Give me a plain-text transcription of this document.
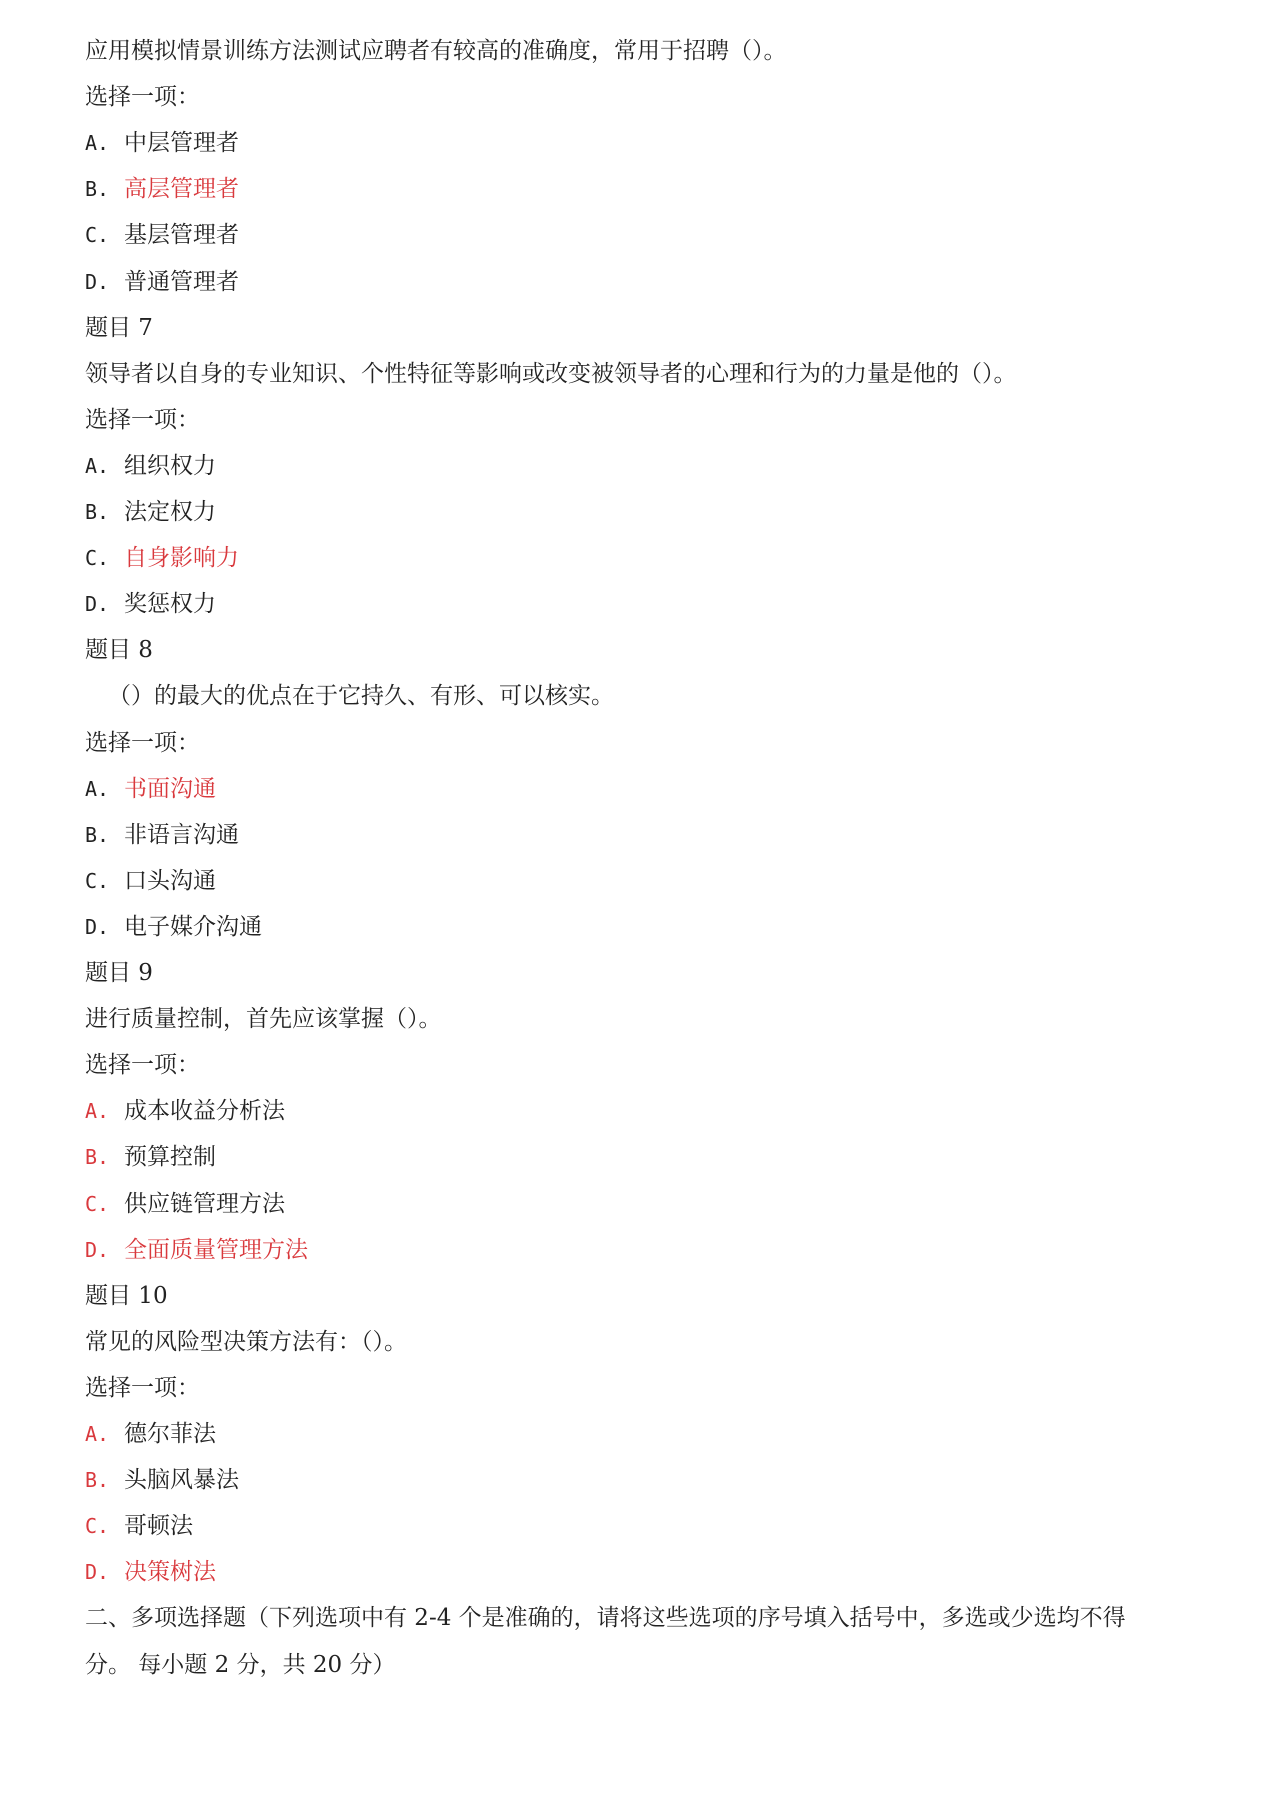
应用模拟情景训练方法测试应聘者有较高的准确度，常用于招聘（）。
选择一项：
A. 中层管理者
B. 高层管理者
C. 基层管理者
D. 普通管理者
题目 7
领导者以自身的专业知识、个性特征等影响或改变被领导者的心理和行为的力量是他的（）。
选择一项：
A. 组织权力
B. 法定权力
C. 自身影响力
D. 奖惩权力
题目 8
（）的最大的优点在于它持久、有形、可以核实。
选择一项：
A. 书面沟通
B. 非语言沟通
C. 口头沟通
D. 电子媒介沟通
题目 9
进行质量控制，首先应该掌握（）。
选择一项：
A. 成本收益分析法
B. 预算控制
C. 供应链管理方法
D. 全面质量管理方法
题目 10
常见的风险型决策方法有：（）。
选择一项：
A. 德尔菲法
B. 头脑风暴法
C. 哥顿法
D. 决策树法
二、多项选择题（下列选项中有 2-4 个是准确的，请将这些选项的序号填入括号中，多选或少选均不得
分。 每小题 2 分，共 20 分）
